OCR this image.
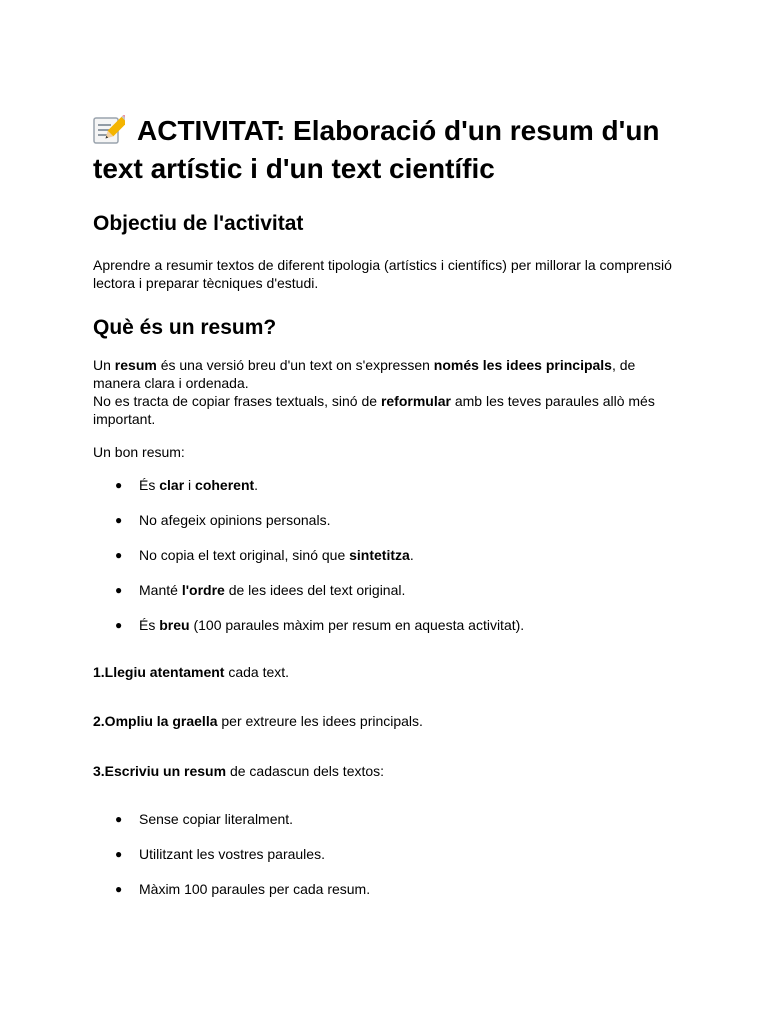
ACTIVITAT: Elaboració d'un resum d'un text artístic i d'un text científic
Objectiu de l'activitat

Aprendre a resumir textos de diferent tipologia (artístics i científics) per millorar la comprensió lectora i preparar tècniques d'estudi.

Què és un resum?

Un resum és una versió breu d'un text on s'expressen només les idees principals, de manera clara i ordenada.
No es tracta de copiar frases textuals, sinó de reformular amb les teves paraules allò més important.

Un bon resum:

● És clar i coherent.
● No afegeix opinions personals.
● No copia el text original, sinó que sintetitza.
● Manté l'ordre de les idees del text original.
● És breu (100 paraules màxim per resum en aquesta activitat).

1.Llegiu atentament cada text.

2.Ompliu la graella per extreure les idees principals.

3.Escriviu un resum de cadascun dels textos:

● Sense copiar literalment.
● Utilitzant les vostres paraules.
● Màxim 100 paraules per cada resum.
